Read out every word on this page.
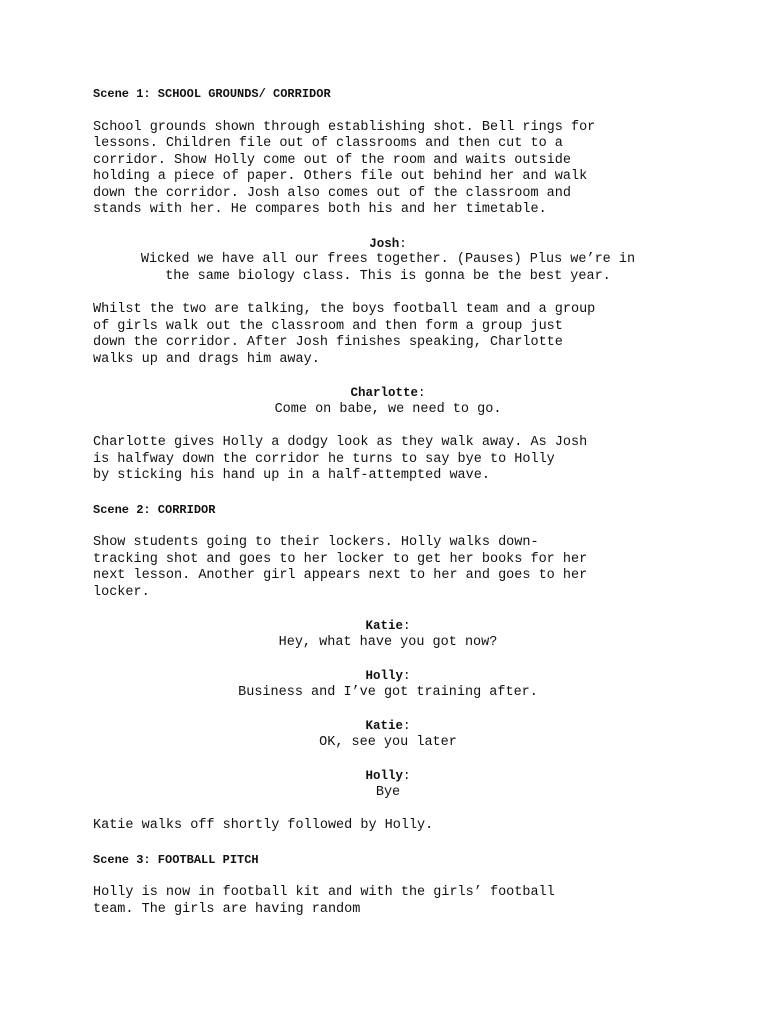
Scene 1: SCHOOL GROUNDS/ CORRIDOR

School grounds shown through establishing shot. Bell rings for

lessons. Children file out of classrooms and then cut to a

corridor. Show Holly come out of the room and waits outside

holding a piece of paper. Others file out behind her and walk

down the corridor. Josh also comes out of the classroom and

stands with her. He compares both his and her timetable.

Josh:

Wicked we have all our frees together. (Pauses) Plus we’re in

the same biology class. This is gonna be the best year.

Whilst the two are talking, the boys football team and a group

of girls walk out the classroom and then form a group just

down the corridor. After Josh finishes speaking, Charlotte

walks up and drags him away.

Charlotte:

Come on babe, we need to go.

Charlotte gives Holly a dodgy look as they walk away. As Josh

is halfway down the corridor he turns to say bye to Holly

by sticking his hand up in a half-attempted wave.

Scene 2: CORRIDOR

Show students going to their lockers. Holly walks down-

tracking shot and goes to her locker to get her books for her

next lesson. Another girl appears next to her and goes to her

locker.

Katie:

Hey, what have you got now?

Holly:

Business and I’ve got training after.

Katie:

OK, see you later

Holly:

Bye

Katie walks off shortly followed by Holly.

Scene 3: FOOTBALL PITCH

Holly is now in football kit and with the girls’ football

team. The girls are having random
